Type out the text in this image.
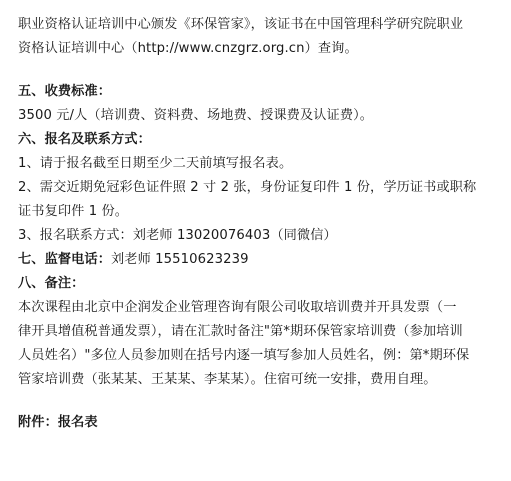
职业资格认证培训中心颁发《环保管家》，该证书在中国管理科学研究院职业
资格认证培训中心（http://www.cnzgrz.org.cn）查询。
五、收费标准：
3500 元/人（培训费、资料费、场地费、授课费及认证费）。
六、报名及联系方式：
1、请于报名截至日期至少二天前填写报名表。
2、需交近期免冠彩色证件照 2 寸 2 张，身份证复印件 1 份，学历证书或职称
证书复印件 1 份。
3、报名联系方式：刘老师 13020076403（同微信）
七、监督电话：刘老师 15510623239
八、备注：
本次课程由北京中企润发企业管理咨询有限公司收取培训费并开具发票（一
律开具增值税普通发票），请在汇款时备注"第*期环保管家培训费（参加培训
人员姓名）"多位人员参加则在括号内逐一填写参加人员姓名，例：第*期环保
管家培训费（张某某、王某某、李某某）。住宿可统一安排，费用自理。
附件：报名表
